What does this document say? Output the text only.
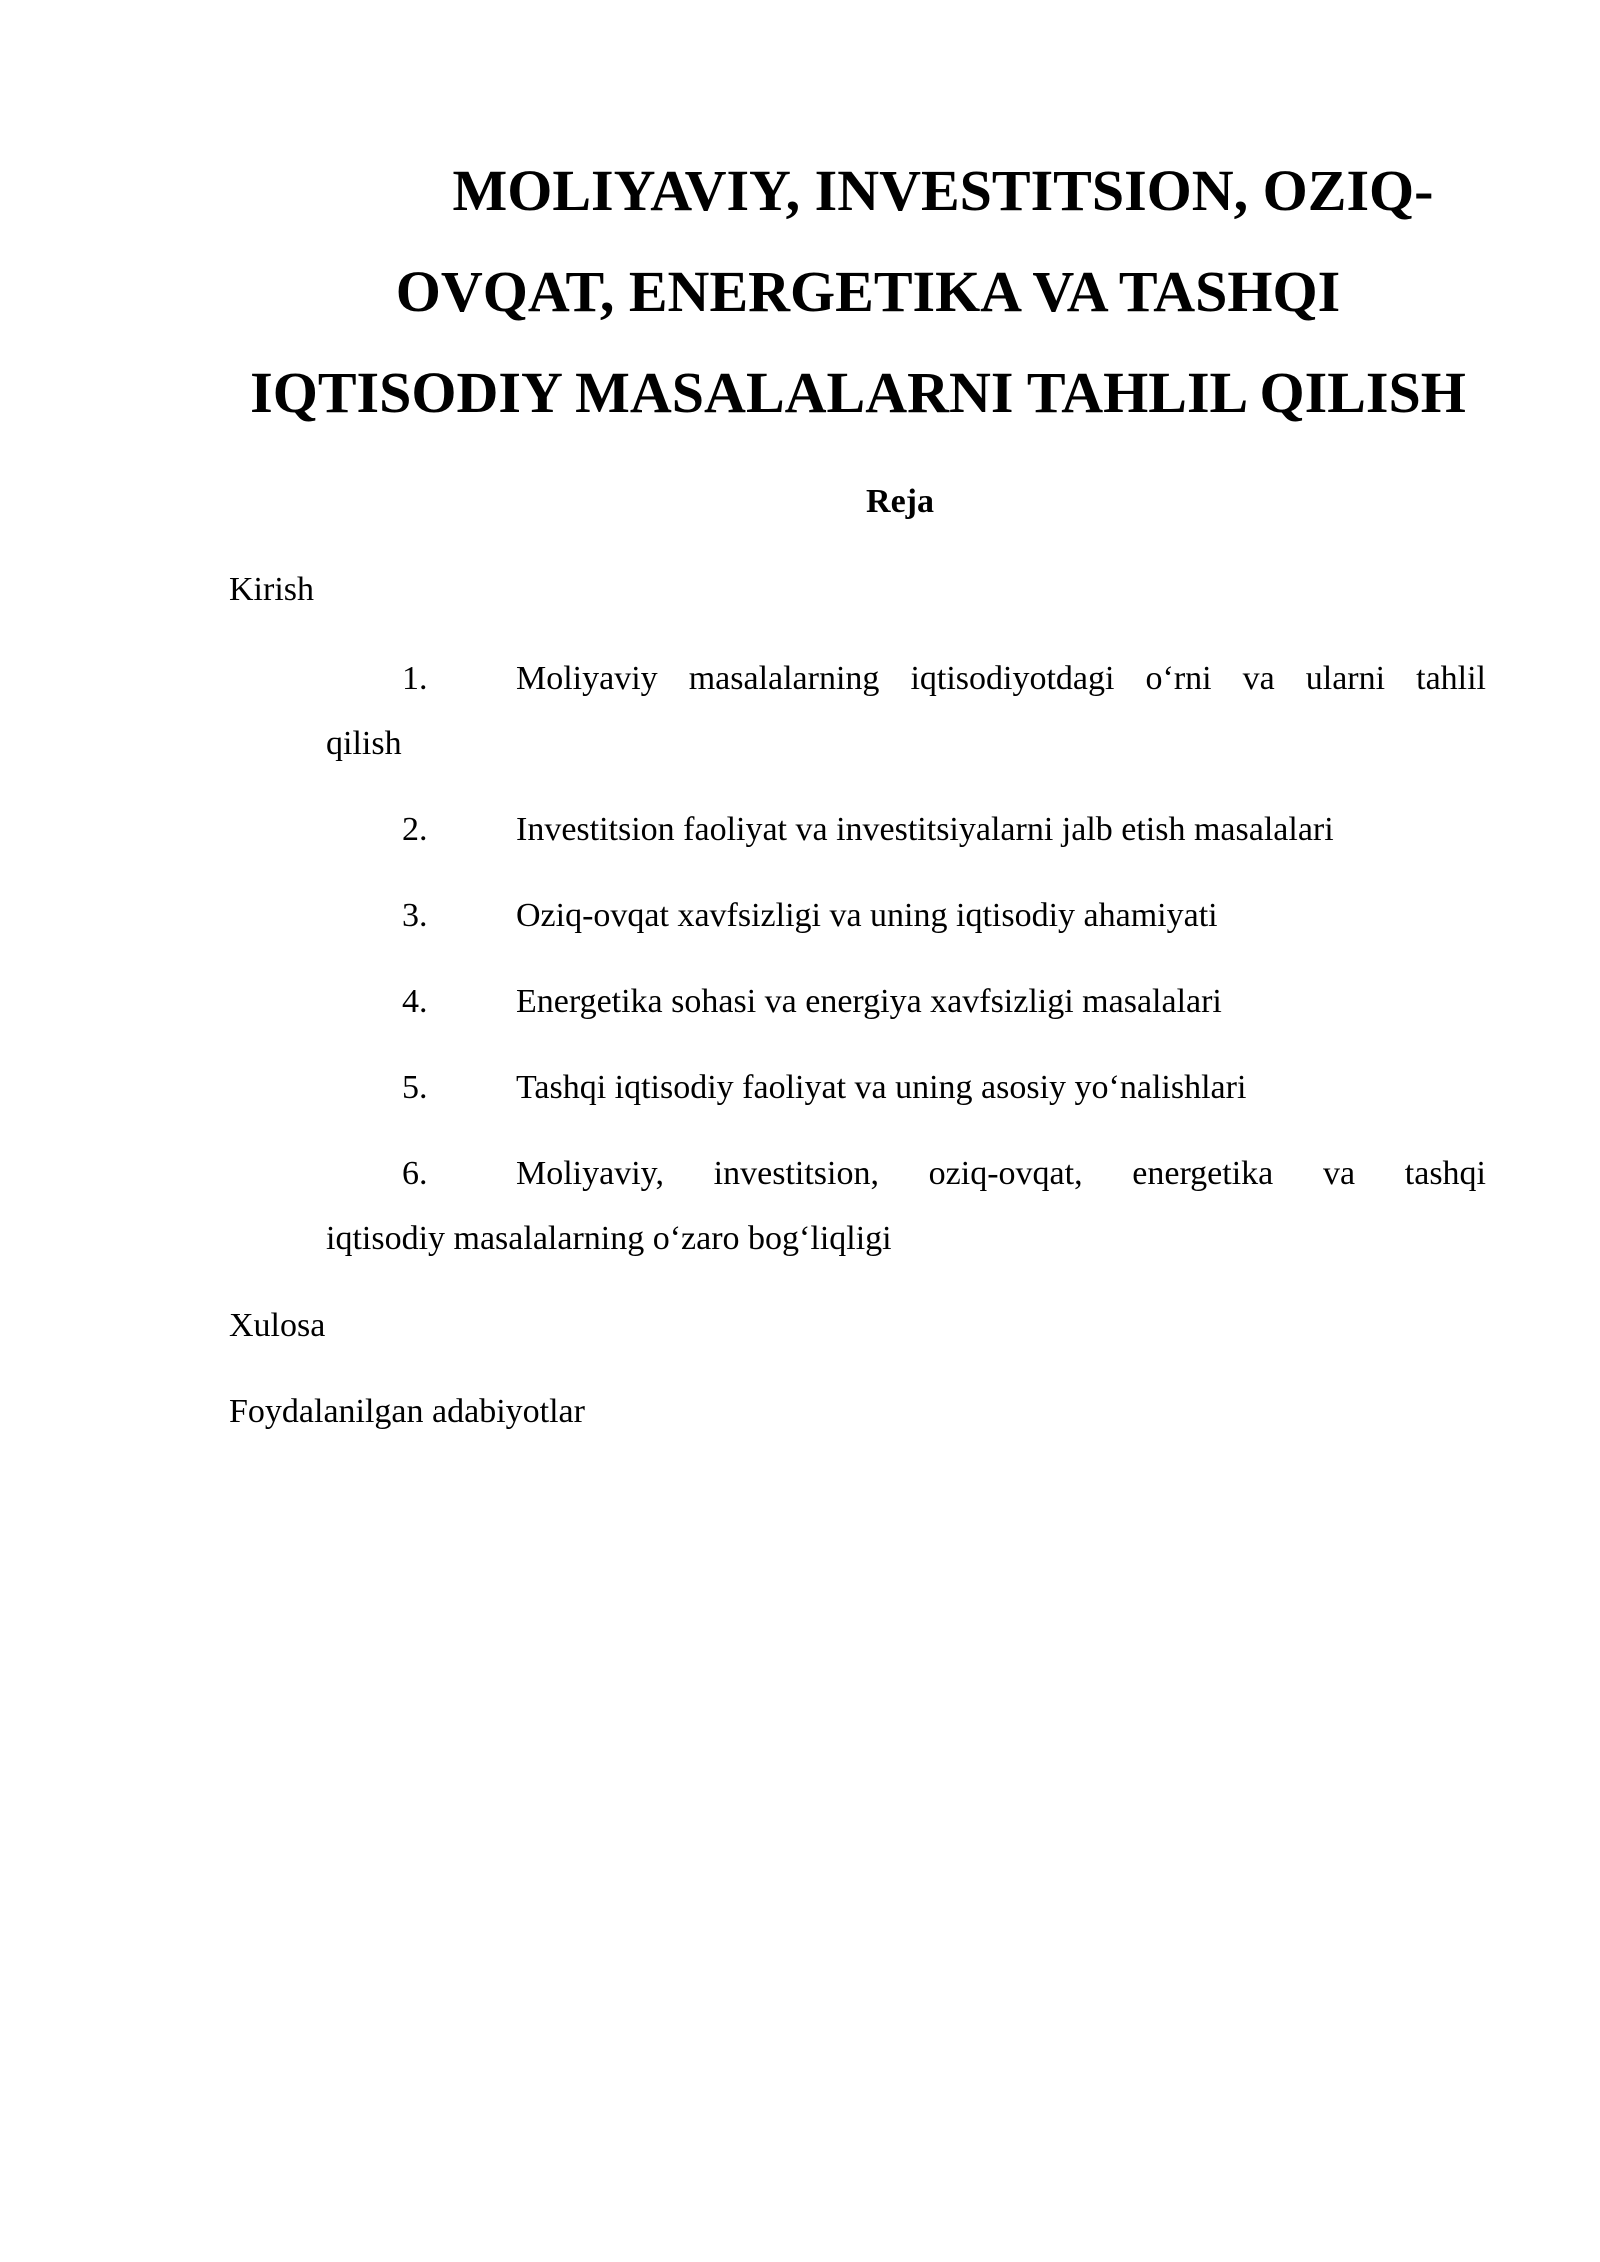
MOLIYAVIY, INVESTITSION, OZIQ-
OVQAT, ENERGETIKA VA TASHQI
IQTISODIY MASALALARNI TAHLIL QILISH
Reja
Kirish
1.	Moliyaviy masalalarning iqtisodiyotdagi o‘rni va ularni tahlil
qilish
2.	Investitsion faoliyat va investitsiyalarni jalb etish masalalari
3.	Oziq-ovqat xavfsizligi va uning iqtisodiy ahamiyati
4.	Energetika sohasi va energiya xavfsizligi masalalari
5.	Tashqi iqtisodiy faoliyat va uning asosiy yo‘nalishlari
6.	Moliyaviy, investitsion, oziq-ovqat, energetika va tashqi
iqtisodiy masalalarning o‘zaro bog‘liqligi
Xulosa
Foydalanilgan adabiyotlar
